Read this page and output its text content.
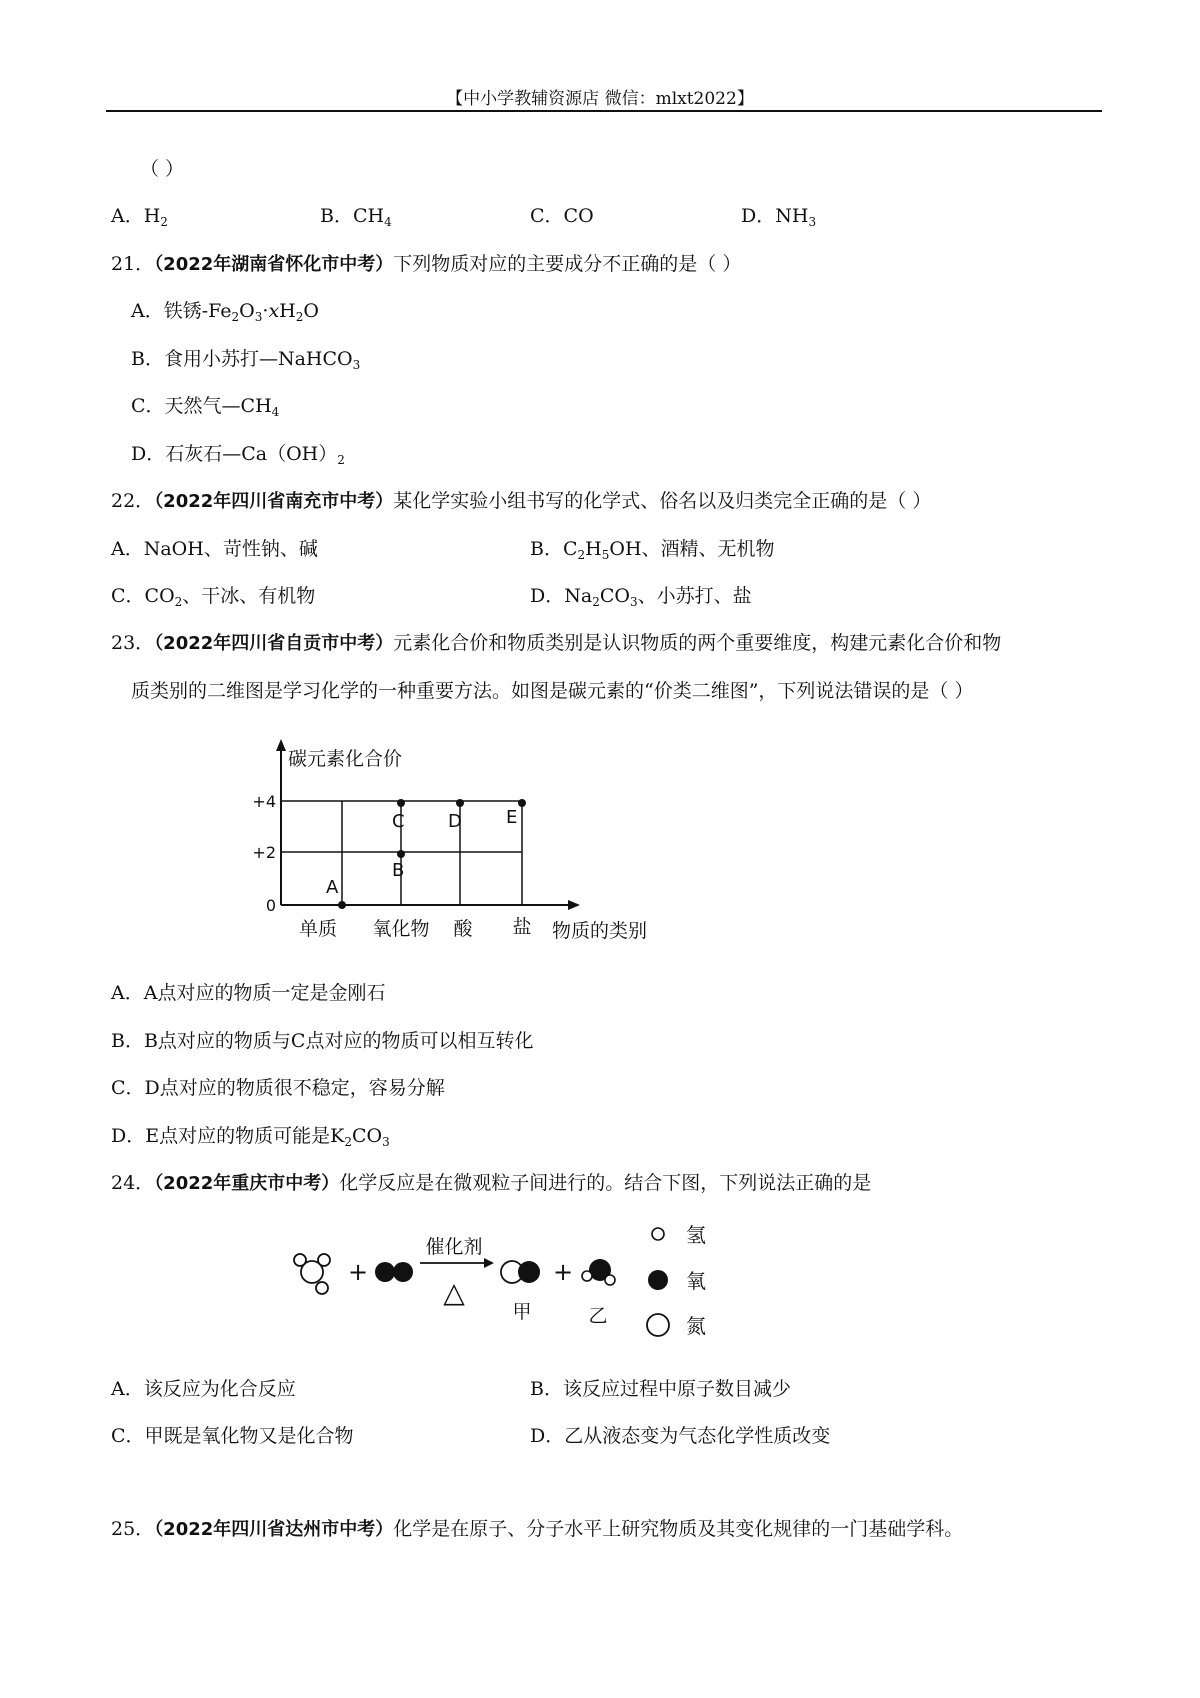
【中小学教辅资源店 微信：mlxt2022】
（ ）
A．$H_2$	B．$CH_4$	C．CO	D．$NH_3$
21．（2022年湖南省怀化市中考）下列物质对应的主要成分不正确的是（ ）
A．铁锈$-Fe_2O_3\cdot xH_2O$
B．食用小苏打—NaHCO$_3$
C．天然气$—CH_4$
D．石灰石$—Ca(OH)_2$
22．（2022年四川省南充市中考）某化学实验小组书写的化学式、俗名以及归类完全正确的是（ ）
A．NaOH、苛性钠、碱	B．$C_2H_5OH$、酒精、无机物
C．$CO_2$、干冰、有机物	D．$Na_2CO_3$、小苏打、盐
23．（2022年四川省自贡市中考）元素化合价和物质类别是认识物质的两个重要维度，构建元素化合价和物
质类别的二维图是学习化学的一种重要方法。如图是碳元素的“价类二维图”，下列说法错误的是（ ）
碳元素化合价
物质的类别
+4
+2
0
单质 氧化物 酸 盐
A
B
C D E
A．A点对应的物质一定是金刚石
B．B点对应的物质与C点对应的物质可以相互转化
C．D点对应的物质很不稳定，容易分解
D．E点对应的物质可能是$K_2CO_3$
24．（2022年重庆市中考）化学反应是在微观粒子间进行的。结合下图，下列说法正确的是
+
催化剂
△
甲
+
乙
氢
氧
氮
A．该反应为化合反应	B．该反应过程中原子数目减少
C．甲既是氧化物又是化合物	D．乙从液态变为气态化学性质改变
25．（2022年四川省达州市中考）化学是在原子、分子水平上研究物质及其变化规律的一门基础学科。
